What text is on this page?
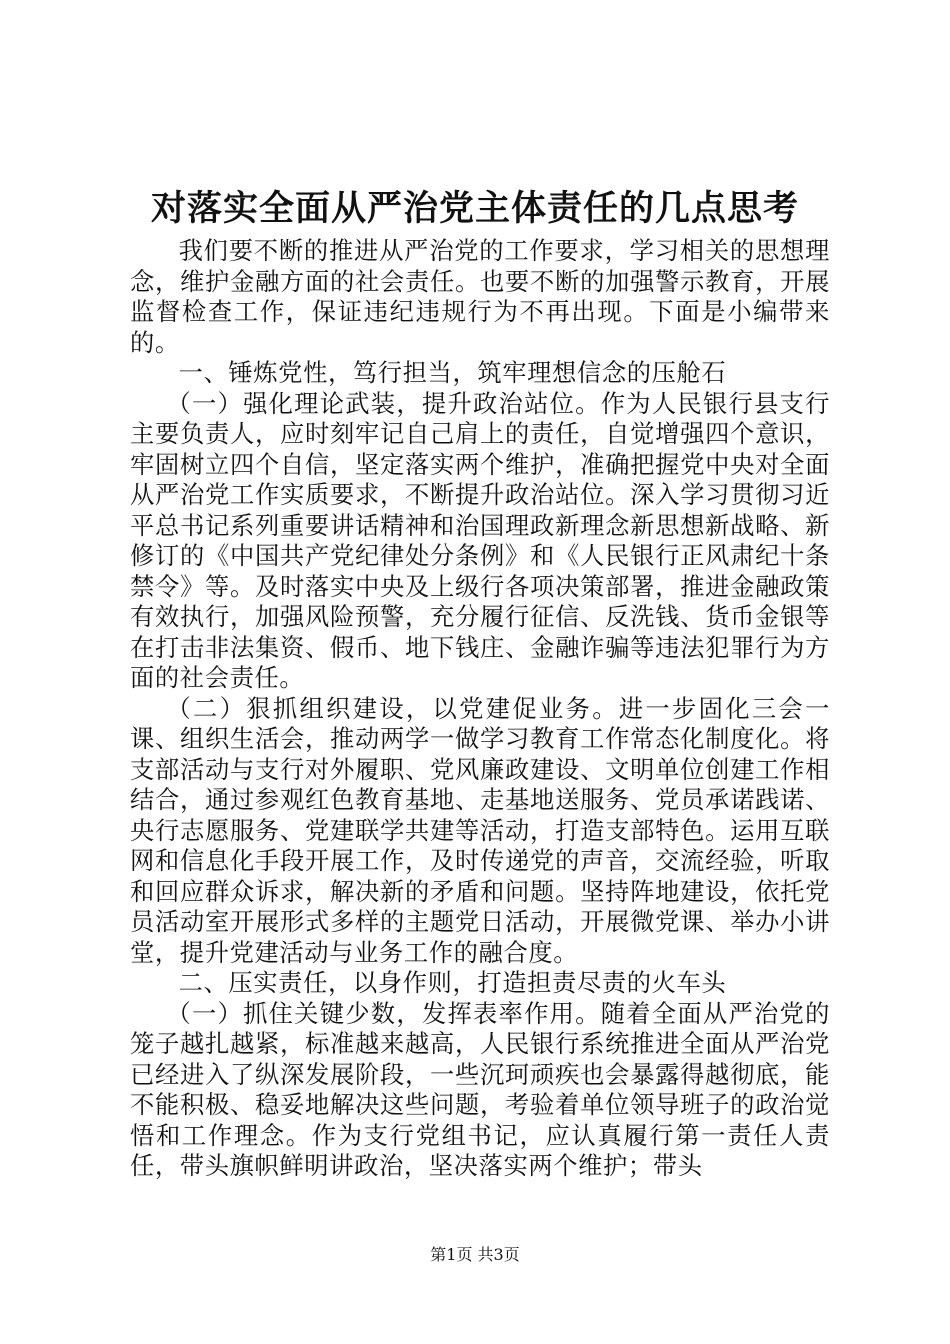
对落实全面从严治党主体责任的几点思考

我们要不断的推进从严治党的工作要求，学习相关的思想理念，维护金融方面的社会责任。也要不断的加强警示教育，开展监督检查工作，保证违纪违规行为不再出现。下面是小编带来的。

一、锤炼党性，笃行担当，筑牢理想信念的压舱石

（一）强化理论武装，提升政治站位。作为人民银行县支行主要负责人，应时刻牢记自己肩上的责任，自觉增强四个意识，牢固树立四个自信，坚定落实两个维护，准确把握党中央对全面从严治党工作实质要求，不断提升政治站位。深入学习贯彻习近平总书记系列重要讲话精神和治国理政新理念新思想新战略、新修订的《中国共产党纪律处分条例》和《人民银行正风肃纪十条禁令》等。及时落实中央及上级行各项决策部署，推进金融政策有效执行，加强风险预警，充分履行征信、反洗钱、货币金银等在打击非法集资、假币、地下钱庄、金融诈骗等违法犯罪行为方面的社会责任。

（二）狠抓组织建设，以党建促业务。进一步固化三会一课、组织生活会，推动两学一做学习教育工作常态化制度化。将支部活动与支行对外履职、党风廉政建设、文明单位创建工作相结合，通过参观红色教育基地、走基地送服务、党员承诺践诺、央行志愿服务、党建联学共建等活动，打造支部特色。运用互联网和信息化手段开展工作，及时传递党的声音，交流经验，听取和回应群众诉求，解决新的矛盾和问题。坚持阵地建设，依托党员活动室开展形式多样的主题党日活动，开展微党课、举办小讲堂，提升党建活动与业务工作的融合度。

二、压实责任，以身作则，打造担责尽责的火车头

（一）抓住关键少数，发挥表率作用。随着全面从严治党的笼子越扎越紧，标准越来越高，人民银行系统推进全面从严治党已经进入了纵深发展阶段，一些沉珂顽疾也会暴露得越彻底，能不能积极、稳妥地解决这些问题，考验着单位领导班子的政治觉悟和工作理念。作为支行党组书记，应认真履行第一责任人责任，带头旗帜鲜明讲政治，坚决落实两个维护；带头

第1页 共3页
